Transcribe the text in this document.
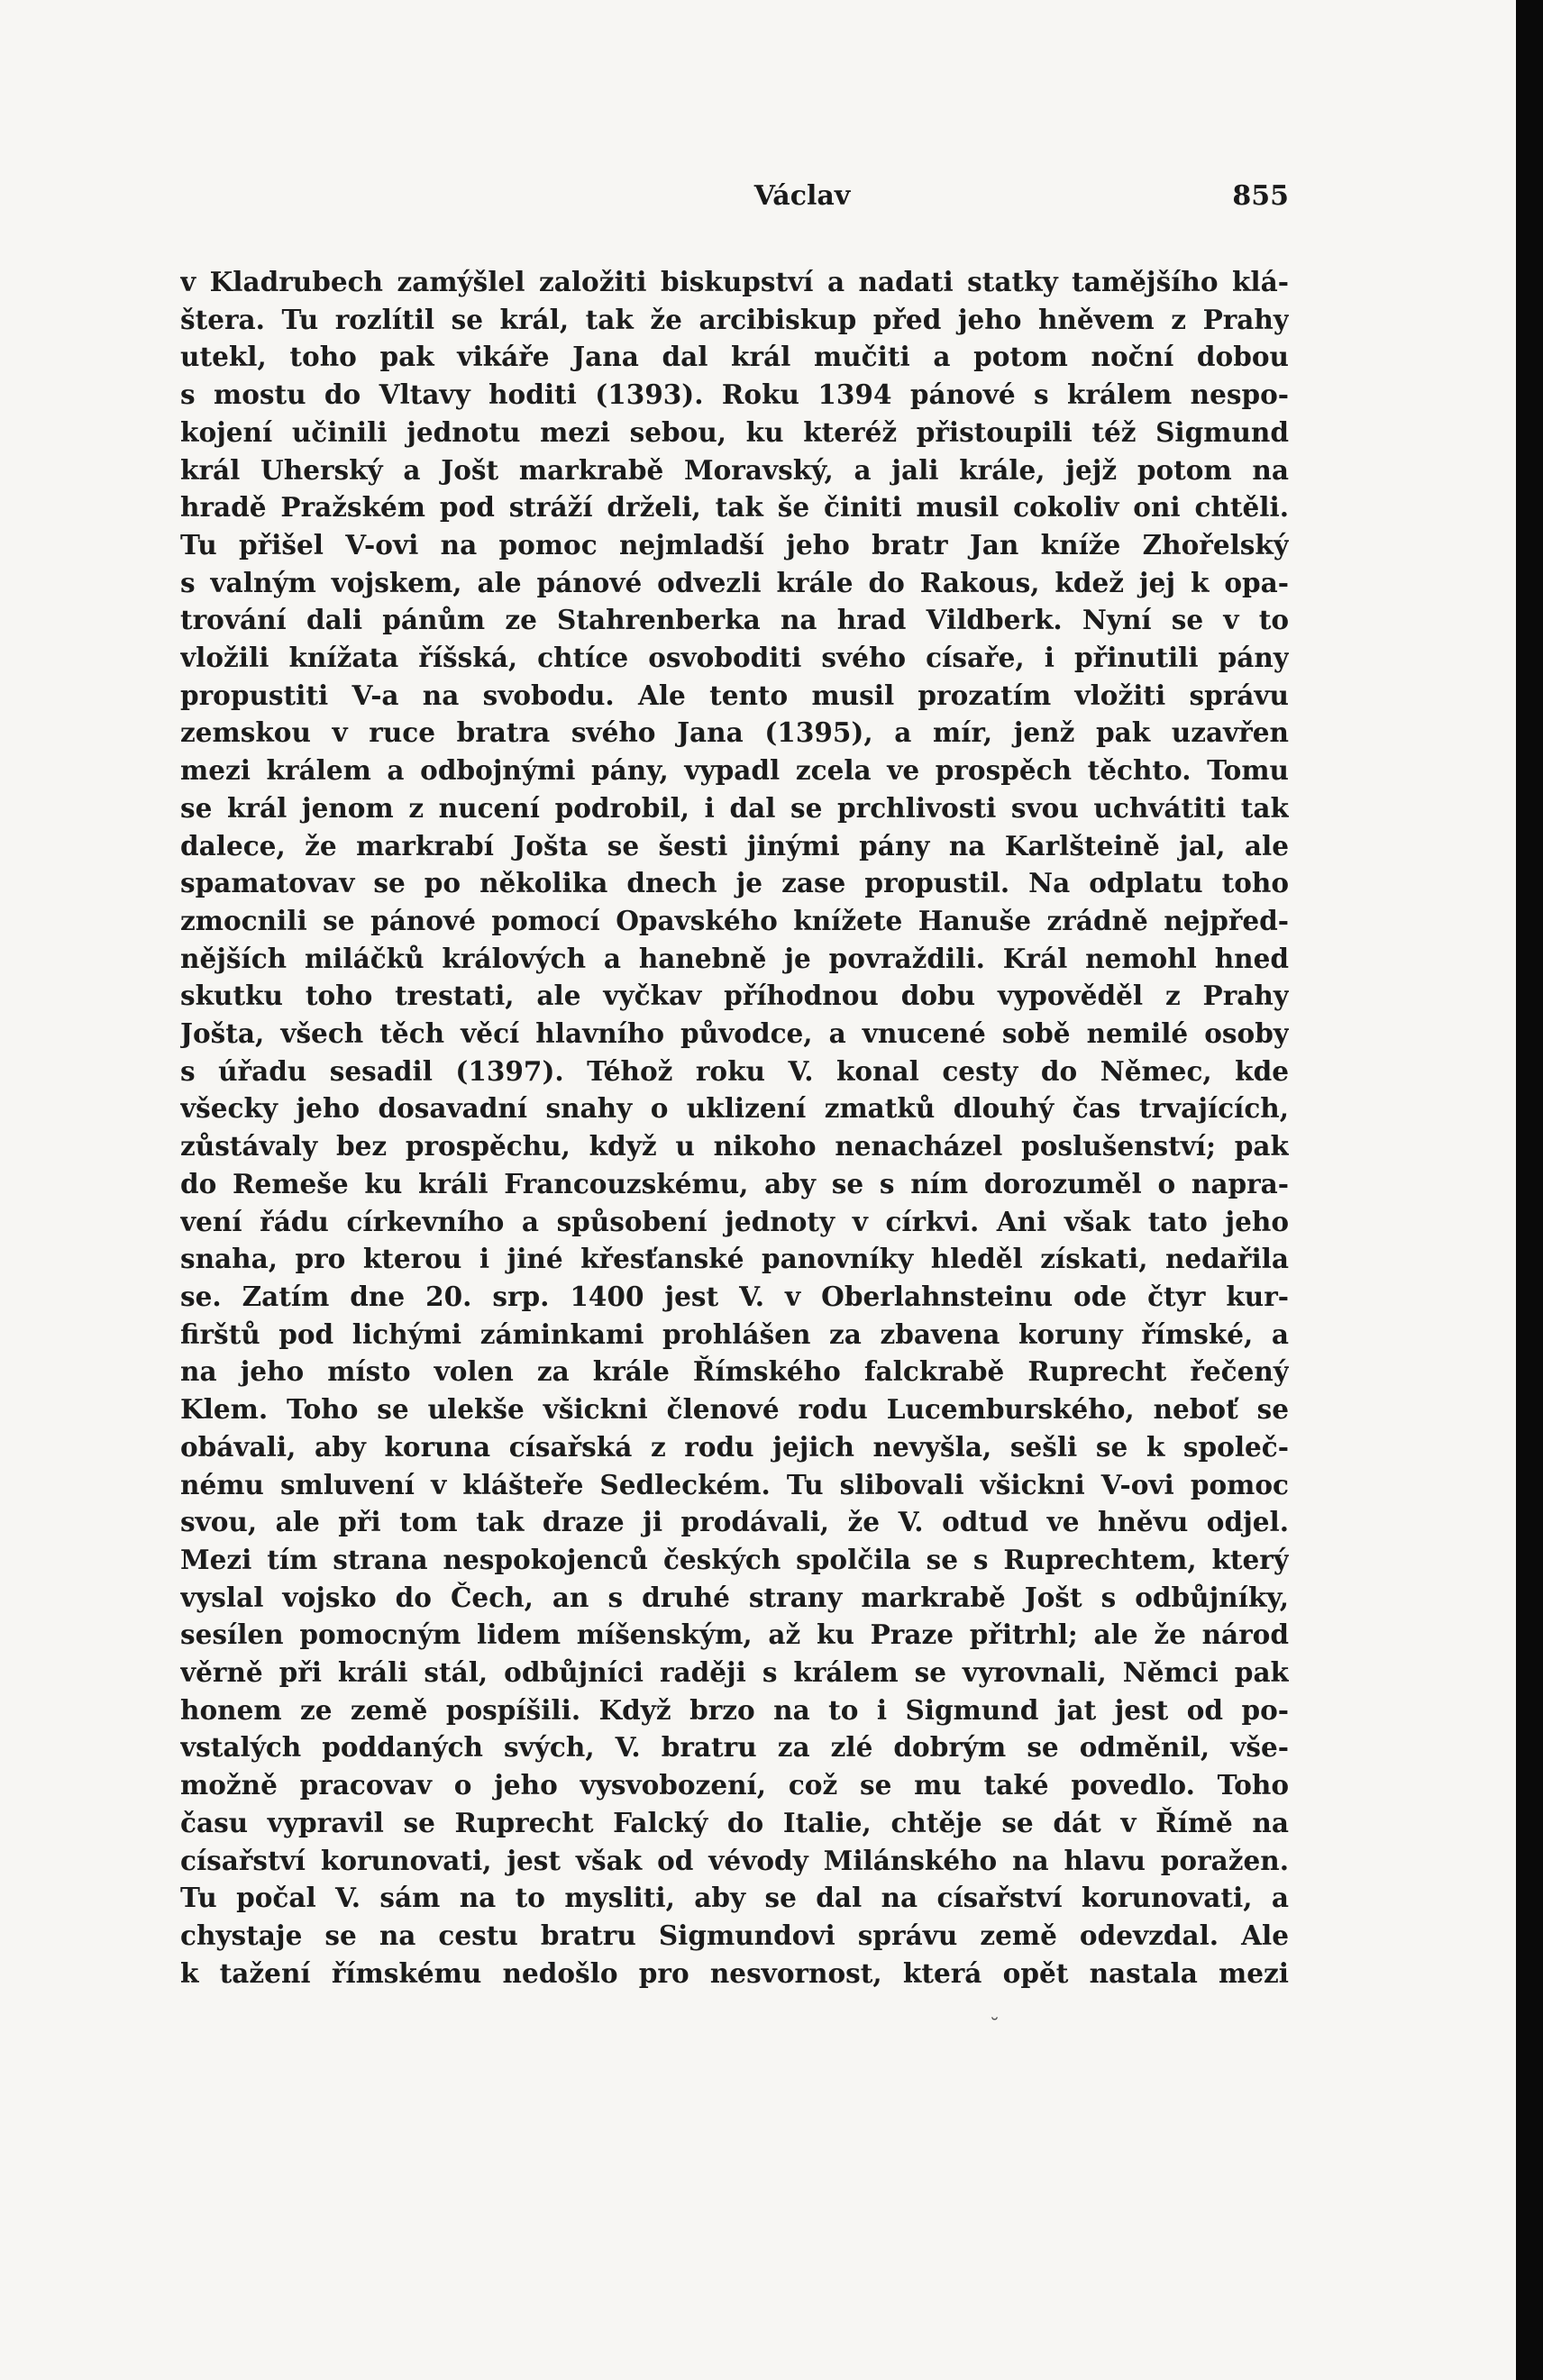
Václav	855
v Kladrubech zamýšlel založiti biskupství a nadati statky tamějšího klá-
štera. Tu rozlítil se král, tak že arcibiskup před jeho hněvem z Prahy
utekl, toho pak vikáře Jana dal král mučiti a potom noční dobou
s mostu do Vltavy hoditi (1393). Roku 1394 pánové s králem nespo-
kojení učinili jednotu mezi sebou, ku kteréž přistoupili též Sigmund
král Uherský a Jošt markrabě Moravský, a jali krále, jejž potom na
hradě Pražském pod stráží drželi, tak še činiti musil cokoliv oni chtěli.
Tu přišel V-ovi na pomoc nejmladší jeho bratr Jan kníže Zhořelský
s valným vojskem, ale pánové odvezli krále do Rakous, kdež jej k opa-
trování dali pánům ze Stahrenberka na hrad Vildberk. Nyní se v to
vložili knížata říšská, chtíce osvoboditi svého císaře, i přinutili pány
propustiti V-a na svobodu. Ale tento musil prozatím vložiti správu
zemskou v ruce bratra svého Jana (1395), a mír, jenž pak uzavřen
mezi králem a odbojnými pány, vypadl zcela ve prospěch těchto. Tomu
se král jenom z nucení podrobil, i dal se prchlivosti svou uchvátiti tak
dalece, že markrabí Jošta se šesti jinými pány na Karlšteině jal, ale
spamatovav se po několika dnech je zase propustil. Na odplatu toho
zmocnili se pánové pomocí Opavského knížete Hanuše zrádně nejpřed-
nějších miláčků králových a hanebně je povraždili. Král nemohl hned
skutku toho trestati, ale vyčkav příhodnou dobu vypověděl z Prahy
Jošta, všech těch věcí hlavního původce, a vnucené sobě nemilé osoby
s úřadu sesadil (1397). Téhož roku V. konal cesty do Němec, kde
všecky jeho dosavadní snahy o uklizení zmatků dlouhý čas trvajících,
zůstávaly bez prospěchu, když u nikoho nenacházel poslušenství; pak
do Remeše ku králi Francouzskému, aby se s ním dorozuměl o napra-
vení řádu církevního a spůsobení jednoty v církvi. Ani však tato jeho
snaha, pro kterou i jiné křesťanské panovníky hleděl získati, nedařila
se. Zatím dne 20. srp. 1400 jest V. v Oberlahnsteinu ode čtyr kur-
firštů pod lichými záminkami prohlášen za zbavena koruny římské, a
na jeho místo volen za krále Římského falckrabě Ruprecht řečený
Klem. Toho se ulekše všickni členové rodu Lucemburského, neboť se
obávali, aby koruna císařská z rodu jejich nevyšla, sešli se k společ-
nému smluvení v klášteře Sedleckém. Tu slibovali všickni V-ovi pomoc
svou, ale při tom tak draze ji prodávali, že V. odtud ve hněvu odjel.
Mezi tím strana nespokojenců českých spolčila se s Ruprechtem, který
vyslal vojsko do Čech, an s druhé strany markrabě Jošt s odbůjníky,
sesílen pomocným lidem míšenským, až ku Praze přitrhl; ale že národ
věrně při králi stál, odbůjníci raději s králem se vyrovnali, Němci pak
honem ze země pospíšili. Když brzo na to i Sigmund jat jest od po-
vstalých poddaných svých, V. bratru za zlé dobrým se odměnil, vše-
možně pracovav o jeho vysvobození, což se mu také povedlo. Toho
času vypravil se Ruprecht Falcký do Italie, chtěje se dát v Římě na
císařství korunovati, jest však od vévody Milánského na hlavu poražen.
Tu počal V. sám na to mysliti, aby se dal na císařství korunovati, a
chystaje se na cestu bratru Sigmundovi správu země odevzdal. Ale
k tažení římskému nedošlo pro nesvornost, která opět nastala mezi
˘
